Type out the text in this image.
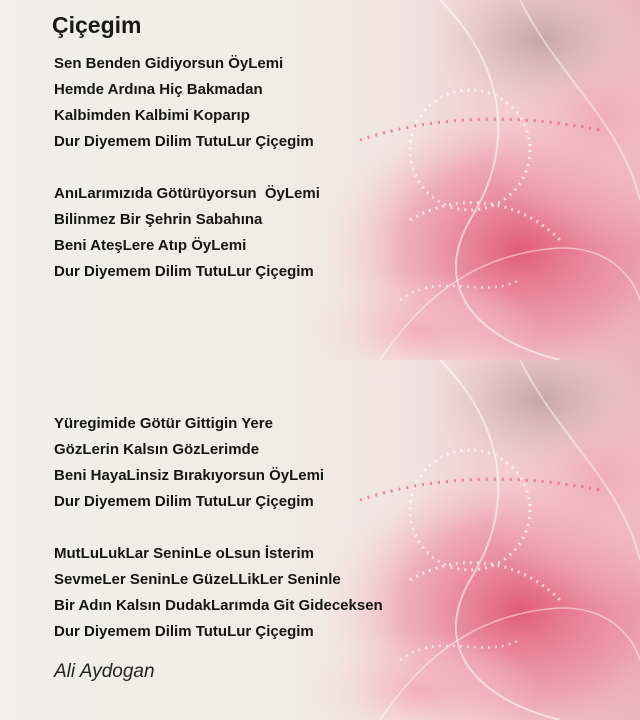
Çiçegim

Sen Benden Gidiyorsun ÖyLemi

Hemde Ardına Hiç Bakmadan

Kalbimden Kalbimi Koparıp

Dur Diyemem Dilim TutuLur Çiçegim

AnıLarımızıda Götürüyorsun  ÖyLemi

Bilinmez Bir Şehrin Sabahına

Beni AteşLere Atıp ÖyLemi

Dur Diyemem Dilim TutuLur Çiçegim

Yüregimide Götür Gittigin Yere

GözLerin Kalsın GözLerimde

Beni HayaLinsiz Bırakıyorsun ÖyLemi

Dur Diyemem Dilim TutuLur Çiçegim

MutLuLukLar SeninLe oLsun İsterim

SevmeLer SeninLe GüzeLLikLer Seninle

Bir Adın Kalsın DudakLarımda Git Gideceksen

Dur Diyemem Dilim TutuLur Çiçegim

Ali Aydogan
